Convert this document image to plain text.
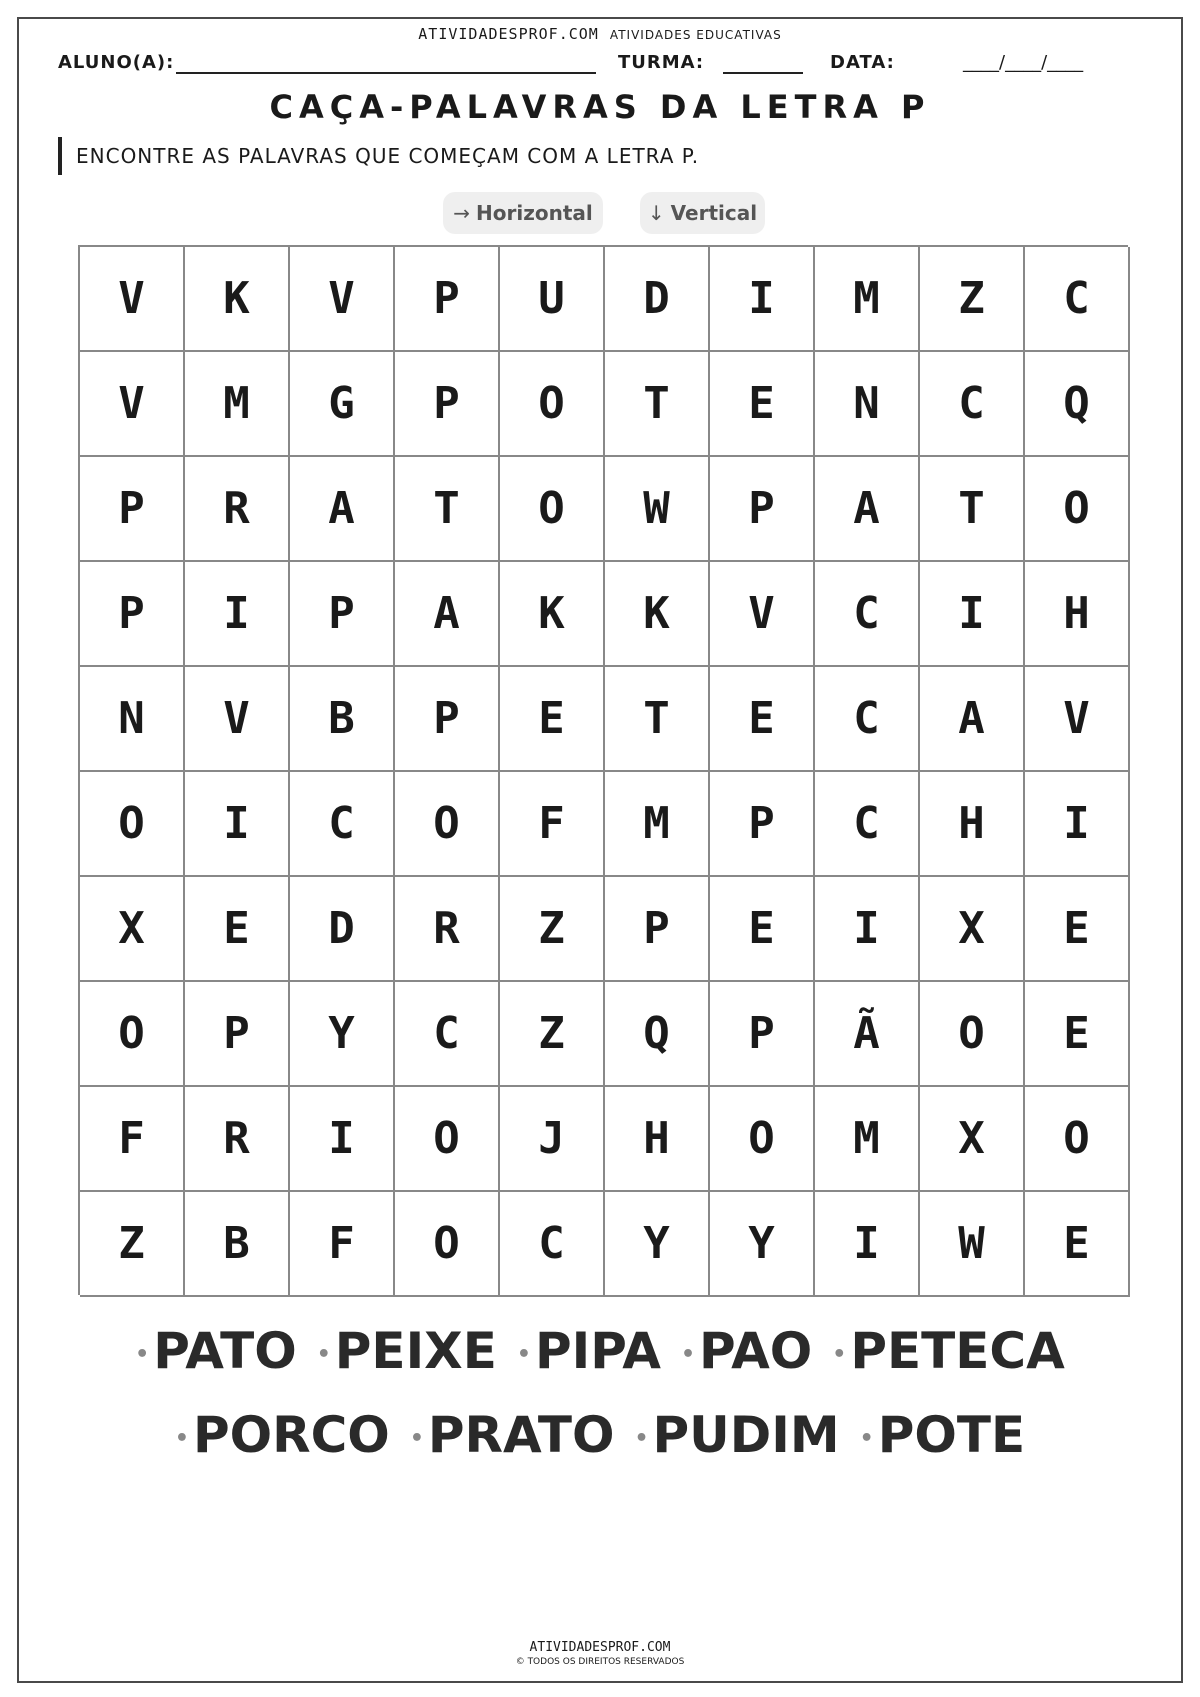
ATIVIDADESPROF.COM ATIVIDADES EDUCATIVAS
ALUNO(A):	TURMA:	DATA:	____/____/____
CAÇA-PALAVRAS DA LETRA P
ENCONTRE AS PALAVRAS QUE COMEÇAM COM A LETRA P.
→ Horizontal	↓ Vertical
V	K	V	P	U	D	I	M	Z	C
V	M	G	P	O	T	E	N	C	Q
P	R	A	T	O	W	P	A	T	O
P	I	P	A	K	K	V	C	I	H
N	V	B	P	E	T	E	C	A	V
O	I	C	O	F	M	P	C	H	I
X	E	D	R	Z	P	E	I	X	E
O	P	Y	C	Z	Q	P	Ã	O	E
F	R	I	O	J	H	O	M	X	O
Z	B	F	O	C	Y	Y	I	W	E
•PATO •PEIXE •PIPA •PAO •PETECA
•PORCO •PRATO •PUDIM •POTE
ATIVIDADESPROF.COM
© TODOS OS DIREITOS RESERVADOS
